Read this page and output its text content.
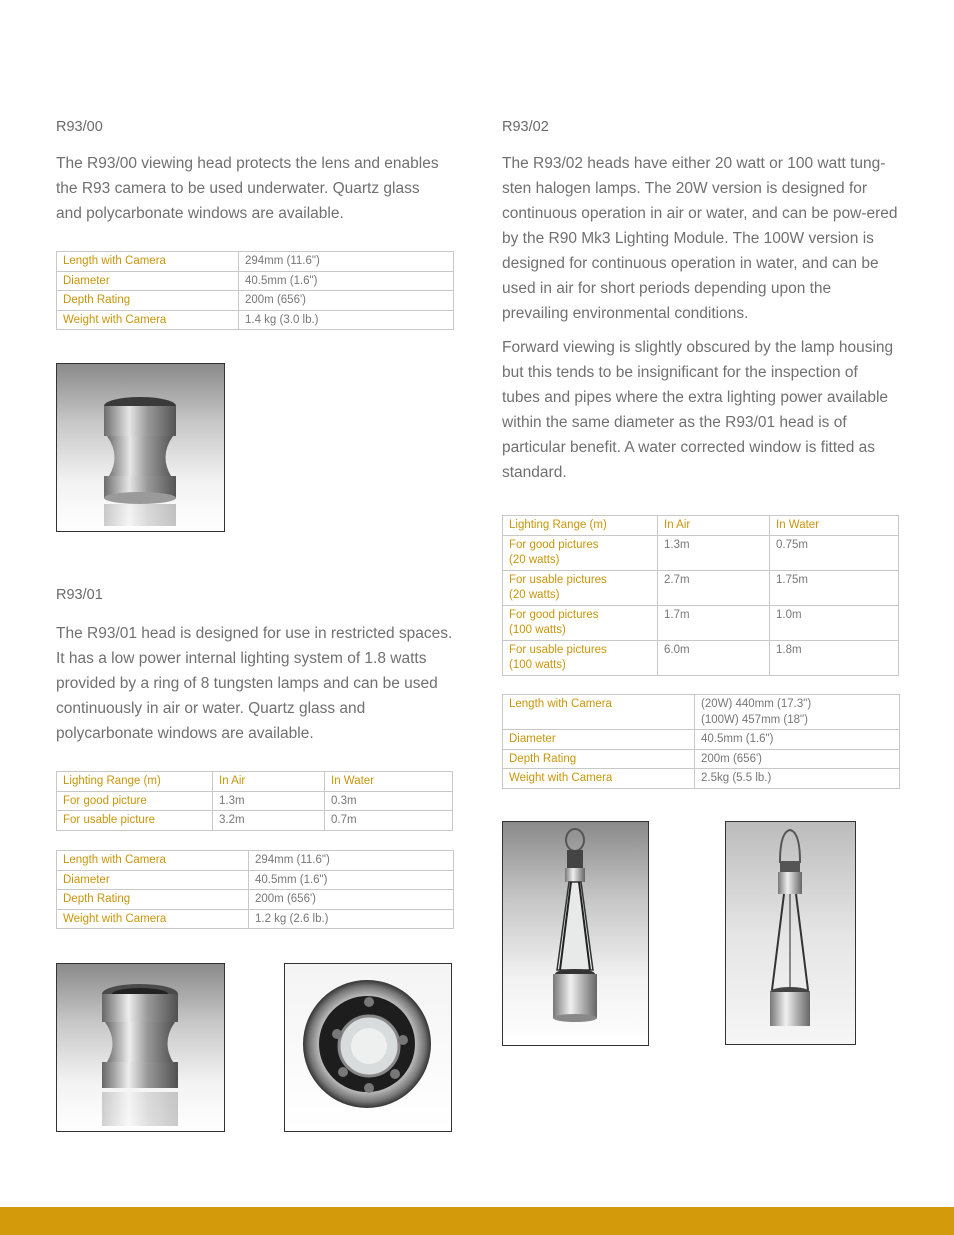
R93/00

The R93/00 viewing head protects the lens and enables the R93 camera to be used underwater. Quartz glass and polycarbonate windows are available.

Length with Camera	294mm (11.6")
Diameter	40.5mm (1.6")
Depth Rating	200m (656')
Weight with Camera	1.4 kg (3.0 lb.)

R93/01

The R93/01 head is designed for use in restricted spaces. It has a low power internal lighting system of 1.8 watts provided by a ring of 8 tungsten lamps and can be used continuously in air or water. Quartz glass and polycarbonate windows are available.

Lighting Range (m)	In Air	In Water
For good picture	1.3m	0.3m
For usable picture	3.2m	0.7m
Length with Camera	294mm (11.6")
Diameter	40.5mm (1.6")
Depth Rating	200m (656')
Weight with Camera	1.2 kg (2.6 lb.)

R93/02

The R93/02 heads have either 20 watt or 100 watt tung-sten halogen lamps. The 20W version is designed for continuous operation in air or water, and can be pow-ered by the R90 Mk3 Lighting Module. The 100W version is designed for continuous operation in water, and can be used in air for short periods depending upon the prevailing environmental conditions.

Forward viewing is slightly obscured by the lamp housing but this tends to be insignificant for the inspection of tubes and pipes where the extra lighting power available within the same diameter as the R93/01 head is of particular benefit. A water corrected window is fitted as standard.

Lighting Range (m)	In Air	In Water
For good pictures
(20 watts)	1.3m	0.75m
For usable pictures
(20 watts)	2.7m	1.75m
For good pictures
(100 watts)	1.7m	1.0m
For usable pictures
(100 watts)	6.0m	1.8m
Length with Camera	(20W) 440mm (17.3")
(100W) 457mm (18")
Diameter	40.5mm (1.6")
Depth Rating	200m (656')
Weight with Camera	2.5kg (5.5 lb.)
